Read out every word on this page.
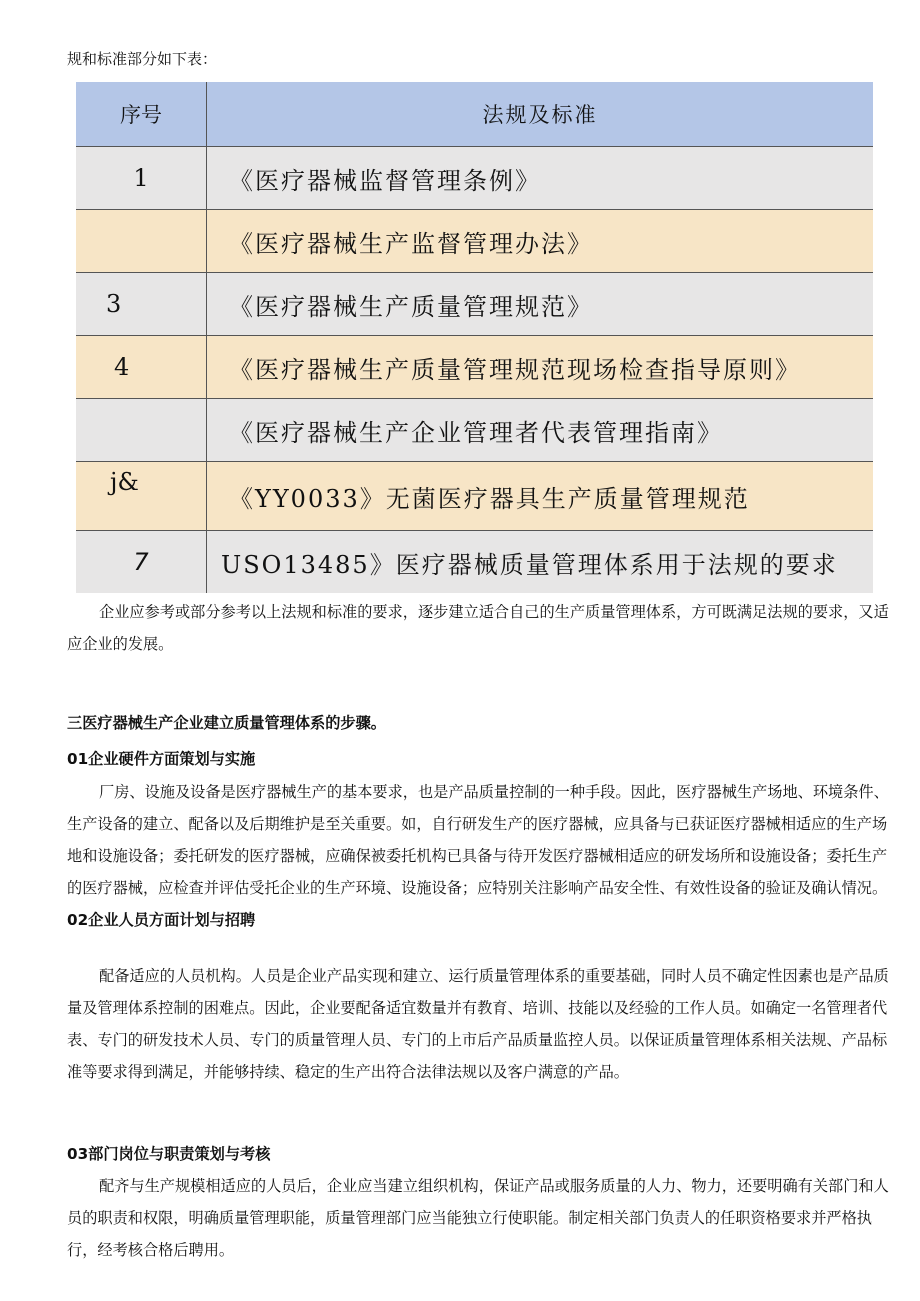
规和标准部分如下表：
序号	法规及标准
1	《医疗器械监督管理条例》
	《医疗器械生产监督管理办法》
3	《医疗器械生产质量管理规范》
4	《医疗器械生产质量管理规范现场检查指导原则》
	《医疗器械生产企业管理者代表管理指南》
j&	《YY0033》无菌医疗器具生产质量管理规范
7	USO13485》医疗器械质量管理体系用于法规的要求
企业应参考或部分参考以上法规和标准的要求，逐步建立适合自己的生产质量管理体系，方可既满足法规的要求，又适应企业的发展。
三医疗器械生产企业建立质量管理体系的步骤。
01企业硬件方面策划与实施
厂房、设施及设备是医疗器械生产的基本要求，也是产品质量控制的一种手段。因此，医疗器械生产场地、环境条件、生产设备的建立、配备以及后期维护是至关重要。如，自行研发生产的医疗器械，应具备与已获证医疗器械相适应的生产场地和设施设备；委托研发的医疗器械，应确保被委托机构已具备与待开发医疗器械相适应的研发场所和设施设备；委托生产的医疗器械，应检查并评估受托企业的生产环境、设施设备；应特别关注影响产品安全性、有效性设备的验证及确认情况。02企业人员方面计划与招聘
配备适应的人员机构。人员是企业产品实现和建立、运行质量管理体系的重要基础，同时人员不确定性因素也是产品质量及管理体系控制的困难点。因此，企业要配备适宜数量并有教育、培训、技能以及经验的工作人员。如确定一名管理者代表、专门的研发技术人员、专门的质量管理人员、专门的上市后产品质量监控人员。以保证质量管理体系相关法规、产品标准等要求得到满足，并能够持续、稳定的生产出符合法律法规以及客户满意的产品。
03部门岗位与职责策划与考核
配齐与生产规模相适应的人员后，企业应当建立组织机构，保证产品或服务质量的人力、物力，还要明确有关部门和人员的职责和权限，明确质量管理职能，质量管理部门应当能独立行使职能。制定相关部门负责人的任职资格要求并严格执行，经考核合格后聘用。
